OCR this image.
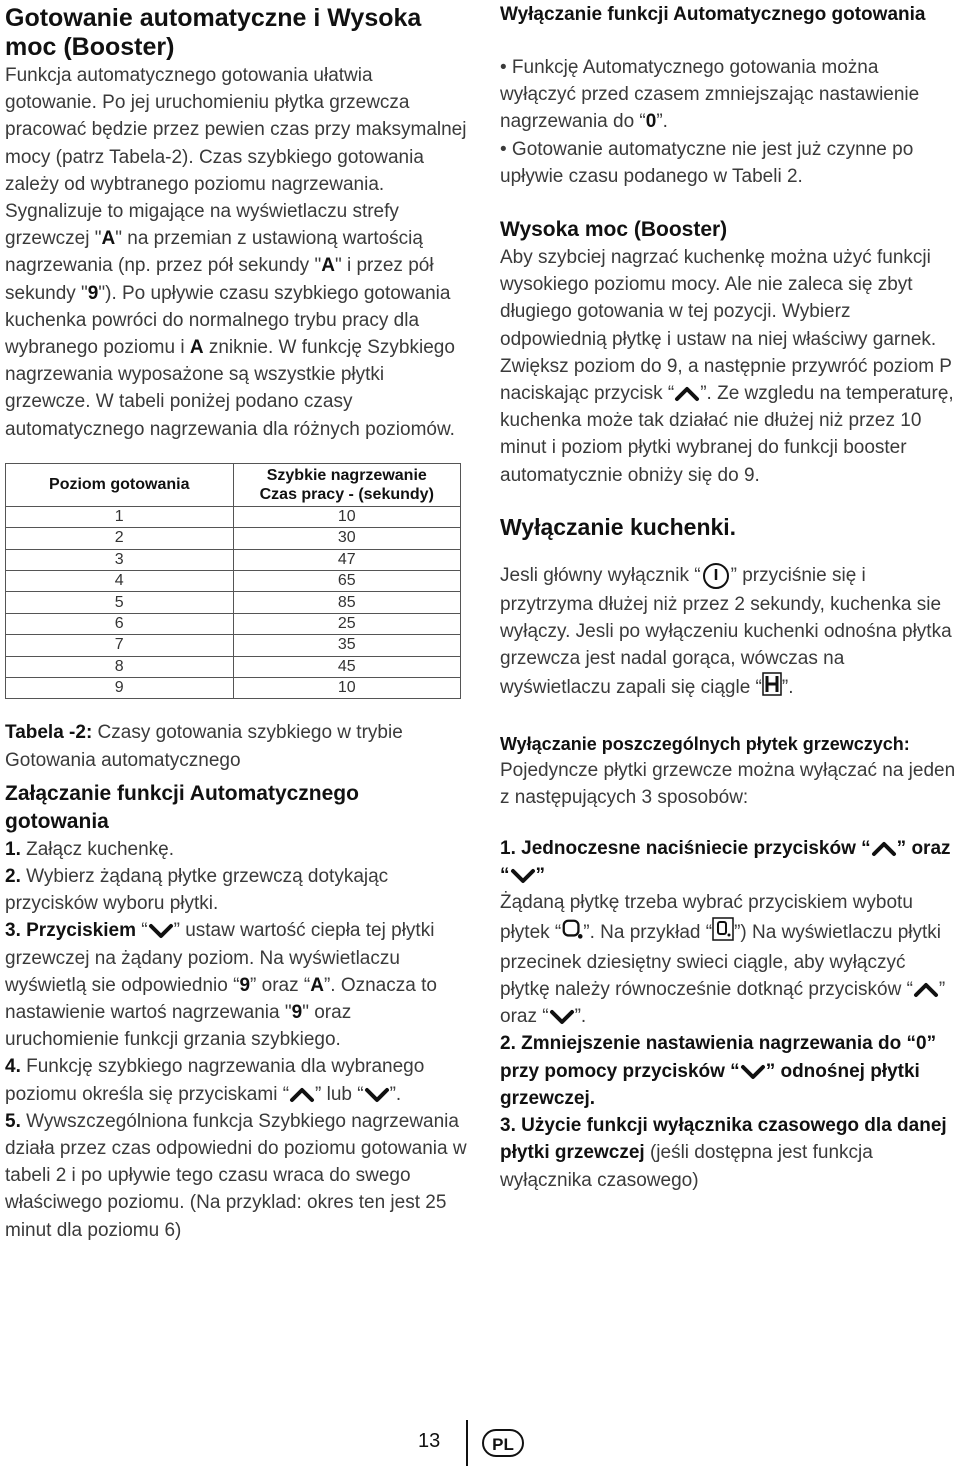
Gotowanie automatyczne i Wysoka moc (Booster)

Funkcja automatycznego gotowania ułatwia gotowanie. Po jej uruchomieniu płytka grzewcza pracować będzie przez pewien czas przy maksymalnej mocy (patrz Tabela-2). Czas szybkiego gotowania zależy od wybtranego poziomu nagrzewania. Sygnalizuje to migające na wyświetlaczu strefy grzewczej "A" na przemian z ustawioną wartością nagrzewania (np. przez pół sekundy "A" i przez pół sekundy "9"). Po upływie czasu szybkiego gotowania kuchenka powróci do normalnego trybu pracy dla wybranego poziomu i A zniknie. W funkcję Szybkiego nagrzewania wyposażone są wszystkie płytki grzewcze. W tabeli poniżej podano czasy automatycznego nagrzewania dla różnych poziomów.

Poziom gotowania	Szybkie nagrzewanie
Czas pracy - (sekundy)

1	10
2	30
3	47
4	65
5	85
6	25
7	35
8	45
9	10

Tabela -2: Czasy gotowania szybkiego w trybie Gotowania automatycznego

Załączanie funkcji Automatycznego gotowania

1. Załącz kuchenkę.

2. Wybierz żądaną płytke grzewczą dotykając przycisków wyboru płytki.

3. Przyciskiem “ ” ustaw wartość ciepła tej płytki grzewczej na żądany poziom. Na wyświetlaczu wyświetlą sie odpowiednio “9” oraz “A”. Oznacza to nastawienie wartoś nagrzewania "9" oraz uruchomienie funkcji grzania szybkiego.

4. Funkcję szybkiego nagrzewania dla wybranego poziomu określa się przyciskami “ ” lub “ ”.

5. Wywszczególniona funkcja Szybkiego nagrzewania działa przez czas odpowiedni do poziomu gotowania w tabeli 2 i po upływie tego czasu wraca do swego właściwego poziomu. (Na przyklad: okres ten jest 25 minut dla poziomu 6)

Wyłączanie funkcji Automatycznego gotowania

• Funkcję Automatycznego gotowania można wyłączyć przed czasem zmniejszając nastawienie nagrzewania do “0”.

• Gotowanie automatyczne nie jest już czynne po upływie czasu podanego w Tabeli 2.

Wysoka moc (Booster)

Aby szybciej nagrzać kuchenkę można użyć funkcji wysokiego poziomu mocy. Ale nie zaleca się zbyt długiego gotowania w tej pozycji. Wybierz odpowiednią płytkę i ustaw na niej właściwy garnek. Zwiększ poziom do 9, a następnie przywróć poziom P naciskając przycisk “ ”. Ze wzgledu na temperaturę, kuchenka może tak działać nie dłużej niż przez 10 minut i poziom płytki wybranej do funkcji booster automatycznie obniży się do 9.

Wyłączanie kuchenki.

Jesli główny wyłącznik “ ” przyciśnie się i przytrzyma dłużej niż przez 2 sekundy, kuchenka sie wyłączy. Jesli po wyłączeniu kuchenki odnośna płytka grzewcza jest nadal gorąca, wówczas na wyświetlaczu zapali się ciągle “ ”.

Wyłączanie poszczególnych płytek grzewczych:

Pojedyncze płytki grzewcze można wyłączać na jeden z następujących 3 sposobów:

1. Jednoczesne naciśniecie przycisków “ ” oraz “ ”

Żądaną płytkę trzeba wybrać przyciskiem wybotu płytek “ ”. Na przykład “ ”) Na wyświetlaczu płytki przecinek dziesiętny swieci ciągle, aby wyłączyć płytkę należy równocześnie dotknąć przycisków “ ” oraz “ ”.

2. Zmniejszenie nastawienia nagrzewania do “0” przy pomocy przycisków “ ” odnośnej płytki grzewczej.

3. Użycie funkcji wyłącznika czasowego dla danej płytki grzewczej (jeśli dostępna jest funkcja wyłącznika czasowego)

13	PL
